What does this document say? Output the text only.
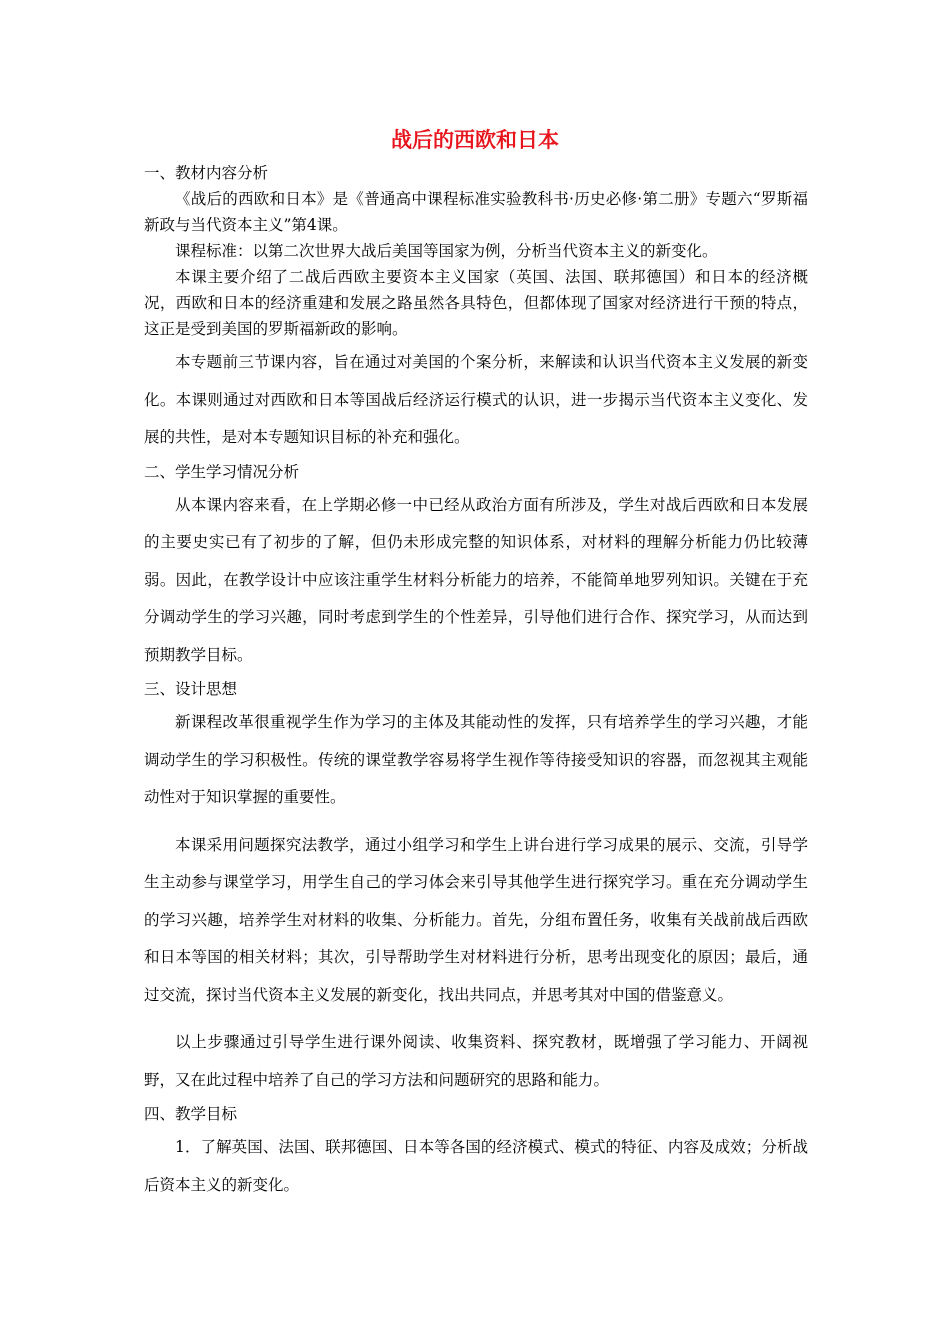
战后的西欧和日本

一、教材内容分析

《战后的西欧和日本》是《普通高中课程标准实验教科书·历史必修·第二册》专题六“罗斯福新政与当代资本主义”第4课。

课程标准：以第二次世界大战后美国等国家为例，分析当代资本主义的新变化。

本课主要介绍了二战后西欧主要资本主义国家（英国、法国、联邦德国）和日本的经济概况，西欧和日本的经济重建和发展之路虽然各具特色，但都体现了国家对经济进行干预的特点，这正是受到美国的罗斯福新政的影响。

本专题前三节课内容，旨在通过对美国的个案分析，来解读和认识当代资本主义发展的新变化。本课则通过对西欧和日本等国战后经济运行模式的认识，进一步揭示当代资本主义变化、发展的共性，是对本专题知识目标的补充和强化。

二、学生学习情况分析

从本课内容来看，在上学期必修一中已经从政治方面有所涉及，学生对战后西欧和日本发展的主要史实已有了初步的了解，但仍未形成完整的知识体系，对材料的理解分析能力仍比较薄弱。因此，在教学设计中应该注重学生材料分析能力的培养，不能简单地罗列知识。关键在于充分调动学生的学习兴趣，同时考虑到学生的个性差异，引导他们进行合作、探究学习，从而达到预期教学目标。

三、设计思想

新课程改革很重视学生作为学习的主体及其能动性的发挥，只有培养学生的学习兴趣，才能调动学生的学习积极性。传统的课堂教学容易将学生视作等待接受知识的容器，而忽视其主观能动性对于知识掌握的重要性。

本课采用问题探究法教学，通过小组学习和学生上讲台进行学习成果的展示、交流，引导学生主动参与课堂学习，用学生自己的学习体会来引导其他学生进行探究学习。重在充分调动学生的学习兴趣，培养学生对材料的收集、分析能力。首先，分组布置任务，收集有关战前战后西欧和日本等国的相关材料；其次，引导帮助学生对材料进行分析，思考出现变化的原因；最后，通过交流，探讨当代资本主义发展的新变化，找出共同点，并思考其对中国的借鉴意义。

以上步骤通过引导学生进行课外阅读、收集资料、探究教材，既增强了学习能力、开阔视野，又在此过程中培养了自己的学习方法和问题研究的思路和能力。

四、教学目标

1．了解英国、法国、联邦德国、日本等各国的经济模式、模式的特征、内容及成效；分析战后资本主义的新变化。
